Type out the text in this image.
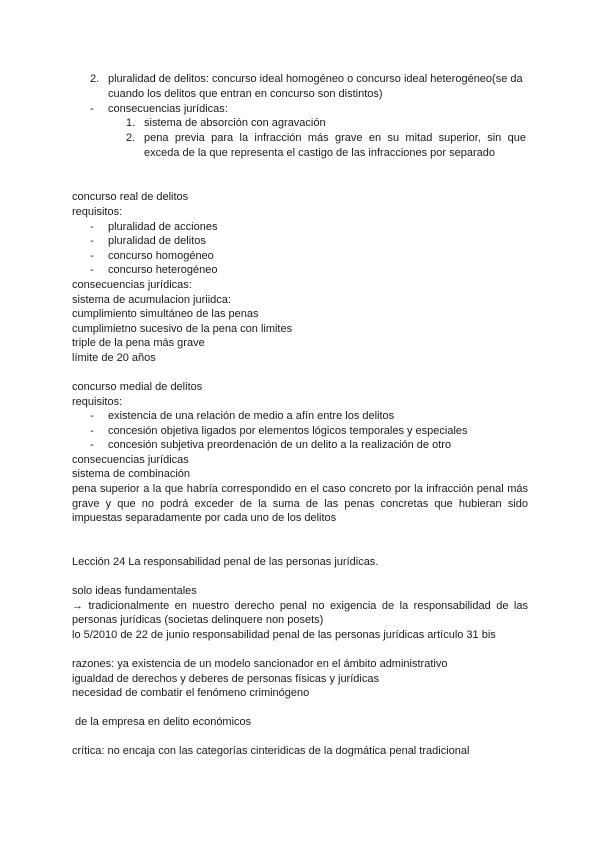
2. pluralidad de delitos: concurso ideal homogéneo o concurso ideal heterogéneo(se da
cuando los delitos que entran en concurso son distintos)
- consecuencias jurídicas:
1. sistema de absorción con agravación
2. pena previa para la infracción más grave en su mitad superior, sin que
exceda de la que representa el castigo de las infracciones por separado
concurso real de delitos
requisitos:
- pluralidad de acciones
- pluralidad de delitos
- concurso homogéneo
- concurso heterogéneo
consecuencias jurídicas:
sistema de acumulacion juriidca:
cumplimiento simultáneo de las penas
cumplimietno sucesivo de la pena con limites
triple de la pena más grave
límite de 20 años
concurso medial de delitos
requisitos:
- existencia de una relación de medio a afín entre los delitos
- concesión objetiva ligados por elementos lógicos temporales y especiales
- concesión subjetiva preordenación de un delito a la realización de otro
consecuencias jurídicas
sistema de combinación
pena superior a la que habría correspondido en el caso concreto por la infracción penal más
grave y que no podrá exceder de la suma de las penas concretas que hubieran sido
impuestas separadamente por cada uno de los delitos
Lección 24 La responsabilidad penal de las personas jurídicas.
solo ideas fundamentales
→ tradicionalmente en nuestro derecho penal no exigencia de la responsabilidad de las
personas jurídicas (societas delinquere non posets)
lo 5/2010 de 22 de junio responsabilidad penal de las personas jurídicas artículo 31 bis
razones: ya existencia de un modelo sancionador en el ámbito administrativo
igualdad de derechos y deberes de personas físicas y jurídicas
necesidad de combatir el fenómeno criminógeno
de la empresa en delito económicos
crítica: no encaja con las categorías cinteridicas de la dogmática penal tradicional
